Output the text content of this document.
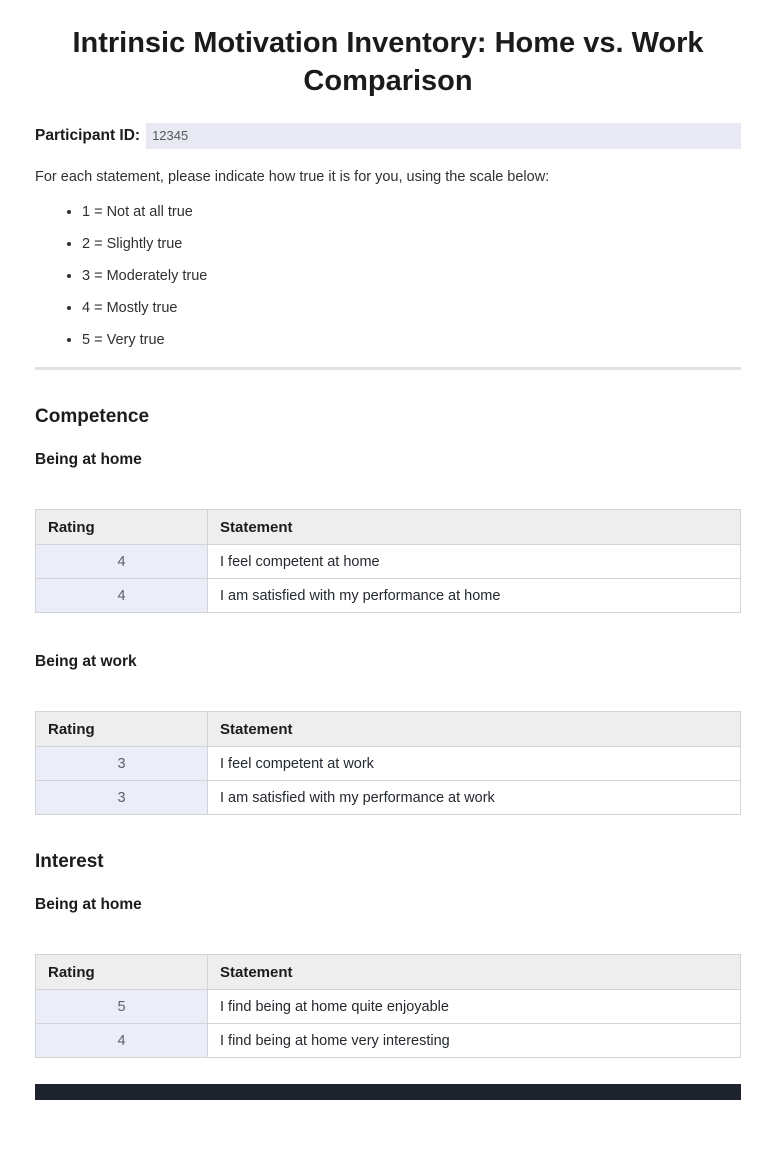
Intrinsic Motivation Inventory: Home vs. Work Comparison
Participant ID: 12345

For each statement, please indicate how true it is for you, using the scale below:

• 1 = Not at all true
• 2 = Slightly true
• 3 = Moderately true
• 4 = Mostly true
• 5 = Very true
Competence
Being at home
Rating	Statement
4	I feel competent at home
4	I am satisfied with my performance at home
Being at work
Rating	Statement
3	I feel competent at work
3	I am satisfied with my performance at work
Interest
Being at home
Rating	Statement
5	I find being at home quite enjoyable
4	I find being at home very interesting
